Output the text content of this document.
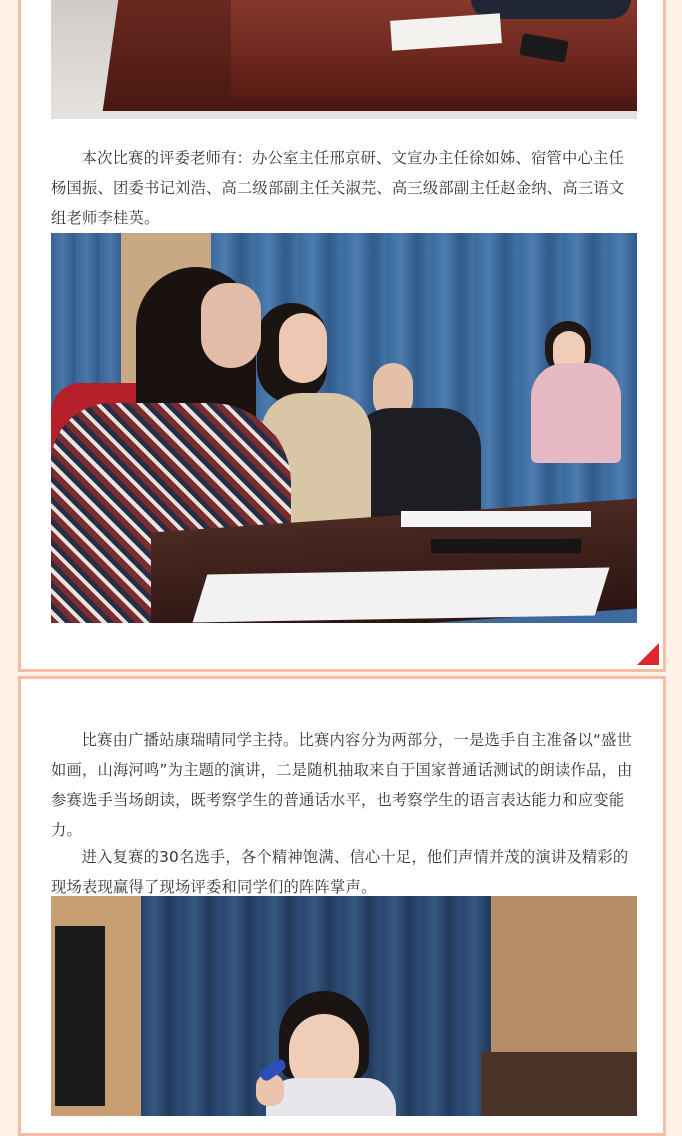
本次比赛的评委老师有：办公室主任邢京研、文宣办主任徐如姊、宿管中心主任杨国振、团委书记刘浩、高二级部副主任关淑芫、高三级部副主任赵金纳、高三语文组老师李桂英。

比赛由广播站康瑞晴同学主持。比赛内容分为两部分，一是选手自主准备以“盛世如画，山海河鸣”为主题的演讲，二是随机抽取来自于国家普通话测试的朗读作品，由参赛选手当场朗读，既考察学生的普通话水平，也考察学生的语言表达能力和应变能力。

进入复赛的30名选手，各个精神饱满、信心十足，他们声情并茂的演讲及精彩的现场表现赢得了现场评委和同学们的阵阵掌声。
